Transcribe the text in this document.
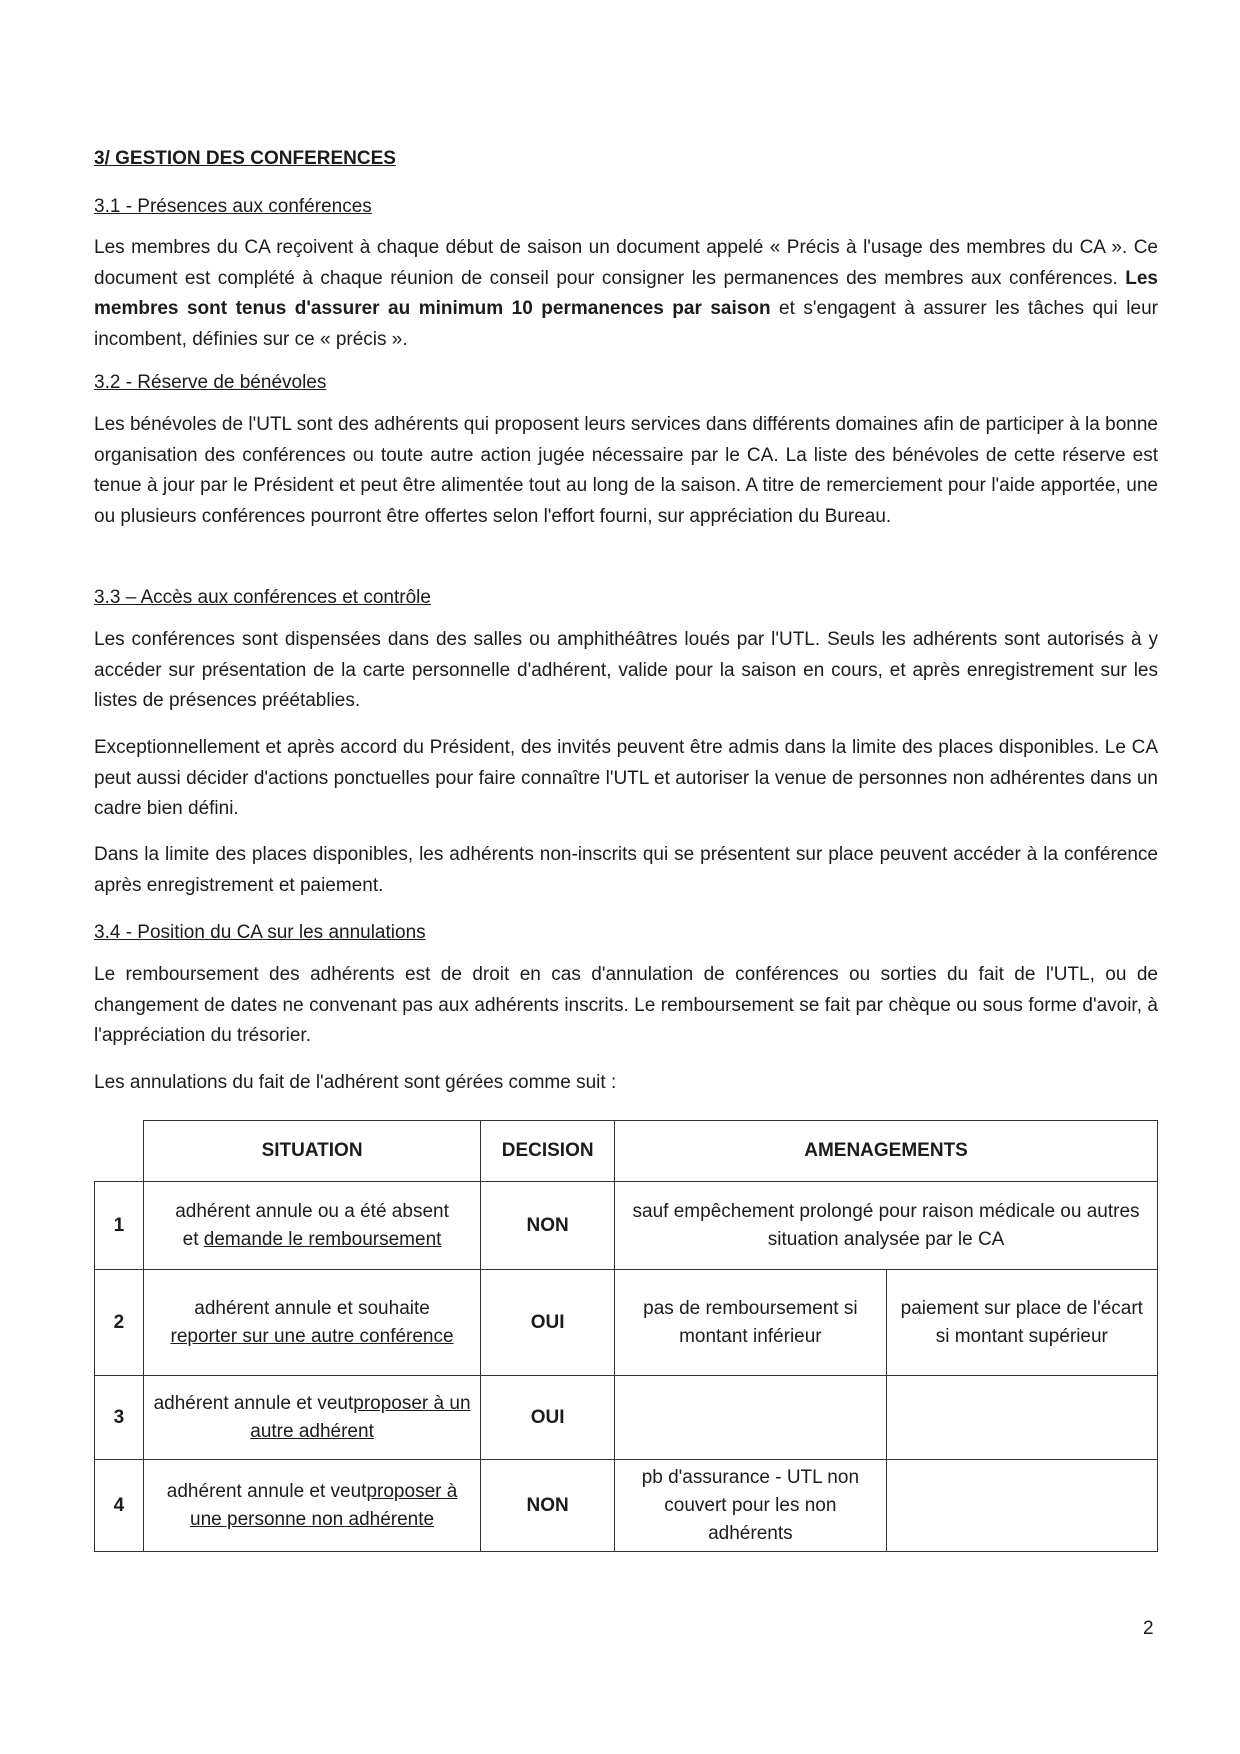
3/ GESTION DES CONFERENCES
3.1 - Présences aux conférences

Les membres du CA reçoivent à chaque début de saison un document appelé « Précis à l'usage des membres du CA ». Ce document est complété à chaque réunion de conseil pour consigner les permanences des membres aux conférences. Les membres sont tenus d'assurer au minimum 10 permanences par saison et s'engagent à assurer les tâches qui leur incombent, définies sur ce « précis ».

3.2 - Réserve de bénévoles

Les bénévoles de l'UTL sont des adhérents qui proposent leurs services dans différents domaines afin de participer à la bonne organisation des conférences ou toute autre action jugée nécessaire par le CA. La liste des bénévoles de cette réserve est tenue à jour par le Président et peut être alimentée tout au long de la saison. A titre de remerciement pour l'aide apportée, une ou plusieurs conférences pourront être offertes selon l'effort fourni, sur appréciation du Bureau.

3.3 – Accès aux conférences et contrôle

Les conférences sont dispensées dans des salles ou amphithéâtres loués par l'UTL. Seuls les adhérents sont autorisés à y accéder sur présentation de la carte personnelle d'adhérent, valide pour la saison en cours, et après enregistrement sur les listes de présences préétablies.

Exceptionnellement et après accord du Président, des invités peuvent être admis dans la limite des places disponibles. Le CA peut aussi décider d'actions ponctuelles pour faire connaître l'UTL et autoriser la venue de personnes non adhérentes dans un cadre bien défini.

Dans la limite des places disponibles, les adhérents non-inscrits qui se présentent sur place peuvent accéder à la conférence après enregistrement et paiement.

3.4 - Position du CA sur les annulations

Le remboursement des adhérents est de droit en cas d'annulation de conférences ou sorties du fait de l'UTL, ou de changement de dates ne convenant pas aux adhérents inscrits. Le remboursement se fait par chèque ou sous forme d'avoir, à l'appréciation du trésorier.

Les annulations du fait de l'adhérent sont gérées comme suit :

	SITUATION	DECISION	AMENAGEMENTS	
1	adhérent annule ou a été absent
et demande le remboursement	NON	sauf empêchement prolongé pour raison médicale ou autres situation analysée par le CA	
2	adhérent annule et souhaite
reporter sur une autre conférence	OUI	pas de remboursement si montant inférieur	paiement sur place de l'écart si montant supérieur
3	adhérent annule et veutproposer à un autre adhérent	OUI		
4	adhérent annule et veutproposer à une personne non adhérente	NON	pb d'assurance - UTL non couvert pour les non adhérents	
2
